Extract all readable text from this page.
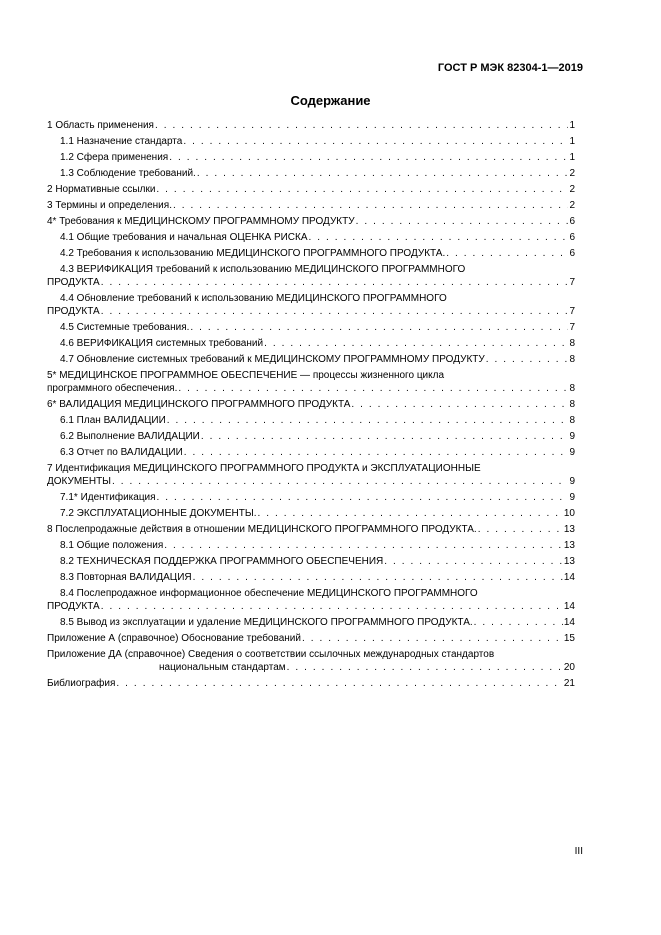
ГОСТ Р МЭК 82304-1—2019
Содержание
1 Область применения . . .	1
1.1 Назначение стандарта . . .	1
1.2 Сфера применения . . .	1
1.3 Соблюдение требований. . . .	2
2 Нормативные ссылки . . .	2
3 Термины и определения. . . .	2
4* Требования к МЕДИЦИНСКОМУ ПРОГРАММНОМУ ПРОДУКТУ . . .	6
4.1 Общие требования и начальная ОЦЕНКА РИСКА . . .	6
4.2 Требования к использованию МЕДИЦИНСКОГО ПРОГРАММНОГО ПРОДУКТА. . . .	6
4.3 ВЕРИФИКАЦИЯ требований к использованию МЕДИЦИНСКОГО ПРОГРАММНОГО
ПРОДУКТА . . .	7
4.4 Обновление требований к использованию МЕДИЦИНСКОГО ПРОГРАММНОГО
ПРОДУКТА . . .	7
4.5 Системные требования. . . .	7
4.6 ВЕРИФИКАЦИЯ системных требований . . .	8
4.7 Обновление системных требований к МЕДИЦИНСКОМУ ПРОГРАММНОМУ ПРОДУКТУ . . .	8
5* МЕДИЦИНСКОЕ ПРОГРАММНОЕ ОБЕСПЕЧЕНИЕ — процессы жизненного цикла
программного обеспечения. . . .	8
6* ВАЛИДАЦИЯ МЕДИЦИНСКОГО ПРОГРАММНОГО ПРОДУКТА . . .	8
6.1 План ВАЛИДАЦИИ . . .	8
6.2 Выполнение ВАЛИДАЦИИ . . .	9
6.3 Отчет по ВАЛИДАЦИИ . . .	9
7 Идентификация МЕДИЦИНСКОГО ПРОГРАММНОГО ПРОДУКТА и ЭКСПЛУАТАЦИОННЫЕ
ДОКУМЕНТЫ . . .	9
7.1* Идентификация . . .	9
7.2 ЭКСПЛУАТАЦИОННЫЕ ДОКУМЕНТЫ. . . .	10
8 Послепродажные действия в отношении МЕДИЦИНСКОГО ПРОГРАММНОГО ПРОДУКТА. . . .	13
8.1 Общие положения . . .	13
8.2 ТЕХНИЧЕСКАЯ ПОДДЕРЖКА ПРОГРАММНОГО ОБЕСПЕЧЕНИЯ . . .	13
8.3 Повторная ВАЛИДАЦИЯ . . .	14
8.4 Послепродажное информационное обеспечение МЕДИЦИНСКОГО ПРОГРАММНОГО
ПРОДУКТА . . .	14
8.5 Вывод из эксплуатации и удаление МЕДИЦИНСКОГО ПРОГРАММНОГО ПРОДУКТА. . . .	14
Приложение А (справочное) Обоснование требований . . .	15
Приложение ДА (справочное) Сведения о соответствии ссылочных международных стандартов
национальным стандартам . . .	20
Библиография . . .	21
III
